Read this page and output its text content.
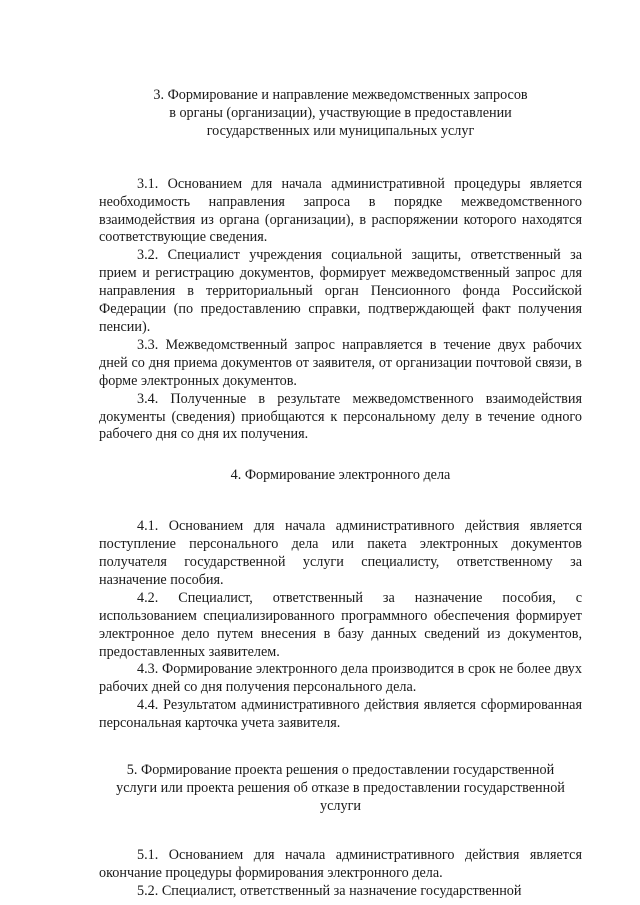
3. Формирование и направление межведомственных запросов
в органы (организации), участвующие в предоставлении
государственных или муниципальных услуг

3.1. Основанием для начала административной процедуры является необходимость направления запроса в порядке межведомственного взаимодействия из органа (организации), в распоряжении которого находятся соответствующие сведения.

3.2. Специалист учреждения социальной защиты, ответственный за прием и регистрацию документов, формирует межведомственный запрос для направления в территориальный орган Пенсионного фонда Российской Федерации (по предоставлению справки, подтверждающей факт получения пенсии).

3.3. Межведомственный запрос направляется в течение двух рабочих дней со дня приема документов от заявителя, от организации почтовой связи, в форме электронных документов.

3.4. Полученные в результате межведомственного взаимодействия документы (сведения) приобщаются к персональному делу в течение одного рабочего дня со дня их получения.

4. Формирование электронного дела

4.1. Основанием для начала административного действия является поступление персонального дела или пакета электронных документов получателя государственной услуги специалисту, ответственному за назначение пособия.

4.2. Специалист, ответственный за назначение пособия, с использованием специализированного программного обеспечения формирует электронное дело путем внесения в базу данных сведений из документов, предоставленных заявителем.

4.3. Формирование электронного дела производится в срок не более двух рабочих дней со дня получения персонального дела.

4.4. Результатом административного действия является сформированная персональная карточка учета заявителя.

5. Формирование проекта решения о предоставлении государственной
услуги или проекта решения об отказе в предоставлении государственной
услуги

5.1. Основанием для начала административного действия является окончание процедуры формирования электронного дела.

5.2. Специалист, ответственный за назначение государственной
